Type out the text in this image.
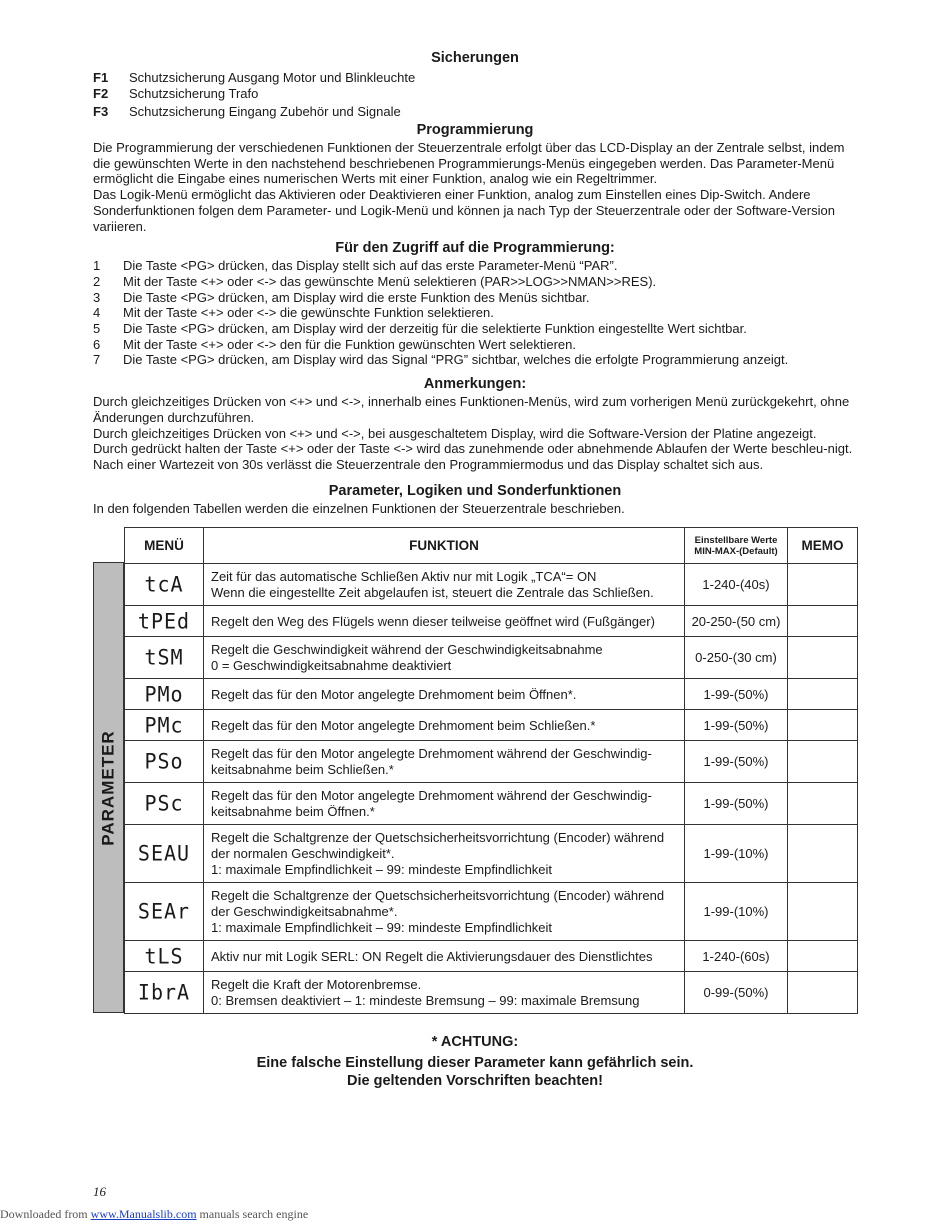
Sicherungen
F1	Schutzsicherung Ausgang Motor und Blinkleuchte
F2	Schutzsicherung Trafo
F3	Schutzsicherung Eingang Zubehör und Signale
Programmierung

Die Programmierung der verschiedenen Funktionen der Steuerzentrale erfolgt über das LCD-Display an der Zentrale selbst, indem die gewünschten Werte in den nachstehend beschriebenen Programmierungs-Menüs eingegeben werden. Das Parameter-Menü ermöglicht die Eingabe eines numerischen Werts mit einer Funktion, analog wie ein Regeltrimmer.

Das Logik-Menü ermöglicht das Aktivieren oder Deaktivieren einer Funktion, analog zum Einstellen eines Dip-Switch. Andere Sonderfunktionen folgen dem Parameter- und Logik-Menü und können ja nach Typ der Steuerzentrale oder der Software-Version variieren.

Für den Zugriff auf die Programmierung:
1	Die Taste <PG> drücken, das Display stellt sich auf das erste Parameter-Menü “PAR”.
2	Mit der Taste <+> oder <-> das gewünschte Menü selektieren (PAR>>LOG>>NMAN>>RES).
3	Die Taste <PG> drücken, am Display wird die erste Funktion des Menüs sichtbar.
4	Mit der Taste <+> oder <-> die gewünschte Funktion selektieren.
5	Die Taste <PG> drücken, am Display wird der derzeitig für die selektierte Funktion eingestellte Wert sichtbar.
6	Mit der Taste <+> oder <-> den für die Funktion gewünschten Wert selektieren.
7	Die Taste <PG> drücken, am Display wird das Signal “PRG” sichtbar, welches die erfolgte Programmierung anzeigt.
Anmerkungen:

Durch gleichzeitiges Drücken von <+> und <->, innerhalb eines Funktionen-Menüs, wird zum vorherigen Menü zurückgekehrt, ohne Änderungen durchzuführen.

Durch gleichzeitiges Drücken von <+> und <->, bei ausgeschaltetem Display, wird die Software-Version der Platine angezeigt.

Durch gedrückt halten der Taste <+> oder der Taste <-> wird das zunehmende oder abnehmende Ablaufen der Werte beschleu-nigt.

Nach einer Wartezeit von 30s verlässt die Steuerzentrale den Programmiermodus und das Display schaltet sich aus.

Parameter, Logiken und Sonderfunktionen

In den folgenden Tabellen werden die einzelnen Funktionen der Steuerzentrale beschrieben.

PARAMETER
MENÜ	FUNKTION	Einstellbare Werte
MIN-MAX-(Default)	MEMO
tcA	Zeit für das automatische Schließen Aktiv nur mit Logik „TCA“= ON
Wenn die eingestellte Zeit abgelaufen ist, steuert die Zentrale das Schließen.	1-240-(40s)	
tPEd	Regelt den Weg des Flügels wenn dieser teilweise geöffnet wird (Fußgänger)	20-250-(50 cm)	
tSM	Regelt die Geschwindigkeit während der Geschwindigkeitsabnahme
0 = Geschwindigkeitsabnahme deaktiviert	0-250-(30 cm)	
PMo	Regelt das für den Motor angelegte Drehmoment beim Öffnen*.	1-99-(50%)	
PMc	Regelt das für den Motor angelegte Drehmoment beim Schließen.*	1-99-(50%)	
PSo	Regelt das für den Motor angelegte Drehmoment während der Geschwindig-
keitsabnahme beim Schließen.*	1-99-(50%)	
PSc	Regelt das für den Motor angelegte Drehmoment während der Geschwindig-
keitsabnahme beim Öffnen.*	1-99-(50%)	
SEAU	Regelt die Schaltgrenze der Quetschsicherheitsvorrichtung (Encoder) während
der normalen Geschwindigkeit*.
1: maximale Empfindlichkeit – 99: mindeste Empfindlichkeit	1-99-(10%)	
SEAr	Regelt die Schaltgrenze der Quetschsicherheitsvorrichtung (Encoder) während
der Geschwindigkeitsabnahme*.
1: maximale Empfindlichkeit – 99: mindeste Empfindlichkeit	1-99-(10%)	
tLS	Aktiv nur mit Logik SERL: ON Regelt die Aktivierungsdauer des Dienstlichtes	1-240-(60s)	
IbrA	Regelt die Kraft der Motorenbremse.
0: Bremsen deaktiviert – 1: mindeste Bremsung – 99: maximale Bremsung	0-99-(50%)	
* ACHTUNG:
Eine falsche Einstellung dieser Parameter kann gefährlich sein.
Die geltenden Vorschriften beachten!
16
Downloaded from www.Manualslib.com manuals search engine
